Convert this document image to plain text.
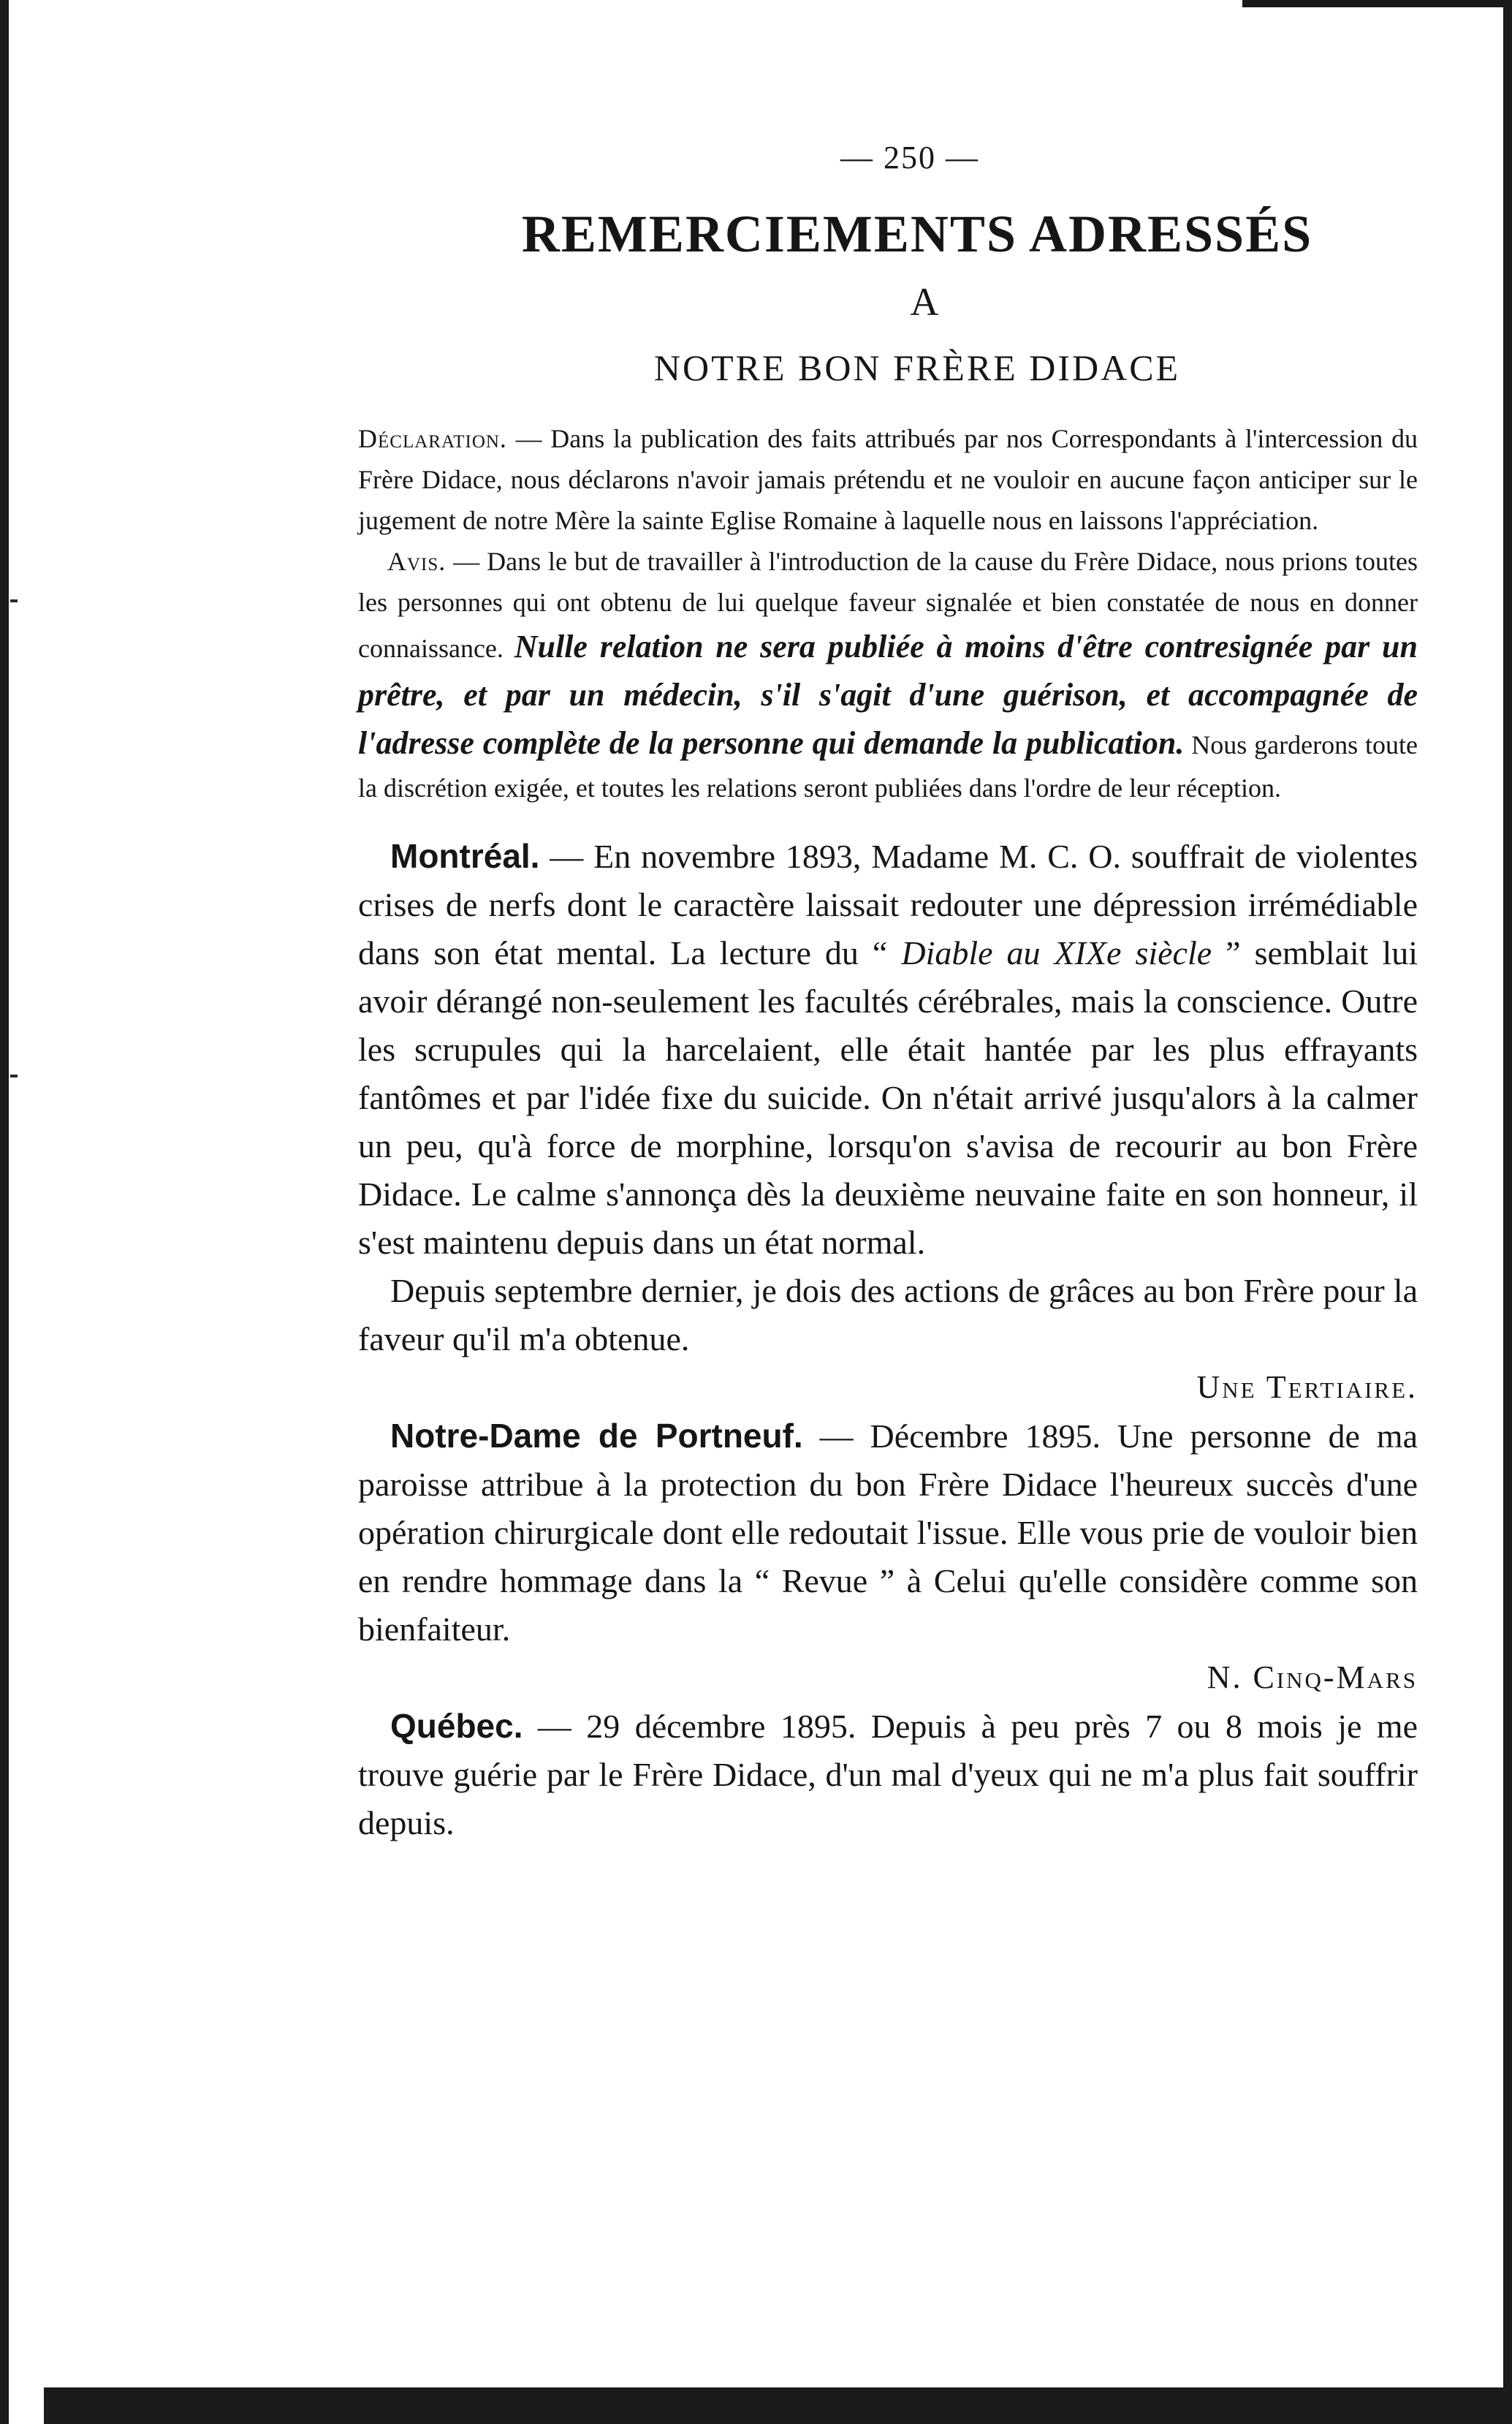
— 250 —
REMERCIEMENTS ADRESSÉS
A
NOTRE BON FRÈRE DIDACE

Déclaration. — Dans la publication des faits attribués par nos Correspondants à l'intercession du Frère Didace, nous déclarons n'avoir jamais prétendu et ne vouloir en aucune façon anticiper sur le jugement de notre Mère la sainte Eglise Romaine à laquelle nous en laissons l'appréciation.

Avis. — Dans le but de travailler à l'introduction de la cause du Frère Didace, nous prions toutes les personnes qui ont obtenu de lui quelque faveur signalée et bien constatée de nous en donner connaissance. Nulle relation ne sera publiée à moins d'être contresignée par un prêtre, et par un médecin, s'il s'agit d'une guérison, et accompagnée de l'adresse complète de la personne qui demande la publication. Nous garderons toute la discrétion exigée, et toutes les relations seront publiées dans l'ordre de leur réception.

Montréal. — En novembre 1893, Madame M. C. O. souffrait de violentes crises de nerfs dont le caractère laissait redouter une dépression irrémédiable dans son état mental. La lecture du “ Diable au XIXe siècle ” semblait lui avoir dérangé non-seulement les facultés cérébrales, mais la conscience. Outre les scrupules qui la harcelaient, elle était hantée par les plus effrayants fantômes et par l'idée fixe du suicide. On n'était arrivé jusqu'alors à la calmer un peu, qu'à force de morphine, lorsqu'on s'avisa de recourir au bon Frère Didace. Le calme s'annonça dès la deuxième neuvaine faite en son honneur, il s'est maintenu depuis dans un état normal.

Depuis septembre dernier, je dois des actions de grâces au bon Frère pour la faveur qu'il m'a obtenue.

Une Tertiaire.

Notre-Dame de Portneuf. — Décembre 1895. Une personne de ma paroisse attribue à la protection du bon Frère Didace l'heureux succès d'une opération chirurgicale dont elle redoutait l'issue. Elle vous prie de vouloir bien en rendre hommage dans la “ Revue ” à Celui qu'elle considère comme son bienfaiteur.

N. Cinq-Mars

Québec. — 29 décembre 1895. Depuis à peu près 7 ou 8 mois je me trouve guérie par le Frère Didace, d'un mal d'yeux qui ne m'a plus fait souffrir depuis.
